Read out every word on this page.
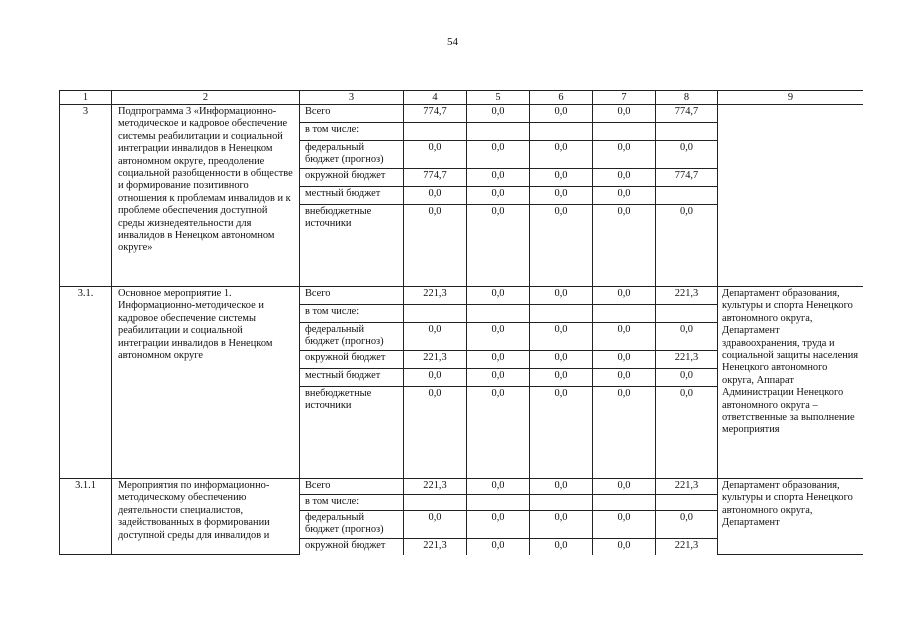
54
1	2	3	4	5	6	7	8	9
3	Подпрограмма 3 «Информационно-методическое и кадровое обеспечение системы реабилитации и социальной интеграции инвалидов в Ненецком автономном округе, преодоление социальной разобщенности в обществе и формирование позитивного отношения к проблемам инвалидов и к проблеме обеспечения доступной среды жизнедеятельности для инвалидов в Ненецком автономном округе»	Всего	774,7	0,0	0,0	0,0	774,7	
		в том числе:						
		федеральный бюджет (прогноз)	0,0	0,0	0,0	0,0	0,0	
		окружной бюджет	774,7	0,0	0,0	0,0	774,7	
		местный бюджет	0,0	0,0	0,0	0,0		
		внебюджетные источники	0,0	0,0	0,0	0,0	0,0	
3.1.	Основное мероприятие 1. Информационно-методическое и кадровое обеспечение системы реабилитации и социальной интеграции инвалидов в Ненецком автономном округе	Всего	221,3	0,0	0,0	0,0	221,3	Департамент образования, культуры и спорта Ненецкого автономного округа, Департамент здравоохранения, труда и социальной защиты населения Ненецкого автономного округа, Аппарат Администрации Ненецкого автономного округа – ответственные за выполнение мероприятия
		в том числе:						
		федеральный бюджет (прогноз)	0,0	0,0	0,0	0,0	0,0	
		окружной бюджет	221,3	0,0	0,0	0,0	221,3	
		местный бюджет	0,0	0,0	0,0	0,0	0,0	
		внебюджетные источники	0,0	0,0	0,0	0,0	0,0	
3.1.1	Мероприятия по информационно-методическому обеспечению деятельности специалистов, задействованных в формировании доступной среды для инвалидов и	Всего	221,3	0,0	0,0	0,0	221,3	Департамент образования, культуры и спорта Ненецкого автономного округа, Департамент
		в том числе:						
		федеральный бюджет (прогноз)	0,0	0,0	0,0	0,0	0,0	
		окружной бюджет	221,3	0,0	0,0	0,0	221,3	
